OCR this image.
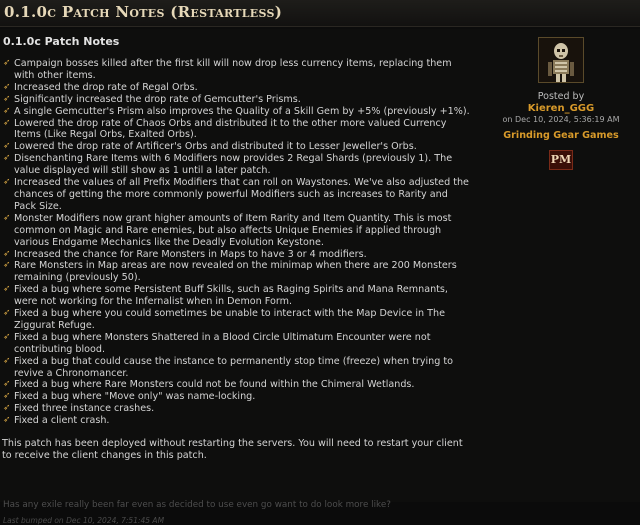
0.1.0c Patch Notes (Restartless)
0.1.0c Patch Notes
➶ Campaign bosses killed after the first kill will now drop less currency items, replacing them with other items.
➶ Increased the drop rate of Regal Orbs.
➶ Significantly increased the drop rate of Gemcutter's Prisms.
➶ A single Gemcutter's Prism also improves the Quality of a Skill Gem by +5% (previously +1%).
➶ Lowered the drop rate of Chaos Orbs and distributed it to the other more valued Currency Items (Like Regal Orbs, Exalted Orbs).
➶ Lowered the drop rate of Artificer's Orbs and distributed it to Lesser Jeweller's Orbs.
➶ Disenchanting Rare Items with 6 Modifiers now provides 2 Regal Shards (previously 1). The value displayed will still show as 1 until a later patch.
➶ Increased the values of all Prefix Modifiers that can roll on Waystones. We've also adjusted the chances of getting the more commonly powerful Modifiers such as increases to Rarity and Pack Size.
➶ Monster Modifiers now grant higher amounts of Item Rarity and Item Quantity. This is most common on Magic and Rare enemies, but also affects Unique Enemies if applied through various Endgame Mechanics like the Deadly Evolution Keystone.
➶ Increased the chance for Rare Monsters in Maps to have 3 or 4 modifiers.
➶ Rare Monsters in Map areas are now revealed on the minimap when there are 200 Monsters remaining (previously 50).
➶ Fixed a bug where some Persistent Buff Skills, such as Raging Spirits and Mana Remnants, were not working for the Infernalist when in Demon Form.
➶ Fixed a bug where you could sometimes be unable to interact with the Map Device in The Ziggurat Refuge.
➶ Fixed a bug where Monsters Shattered in a Blood Circle Ultimatum Encounter were not contributing blood.
➶ Fixed a bug that could cause the instance to permanently stop time (freeze) when trying to revive a Chronomancer.
➶ Fixed a bug where Rare Monsters could not be found within the Chimeral Wetlands.
➶ Fixed a bug where "Move only" was name-locking.
➶ Fixed three instance crashes.
➶ Fixed a client crash.
This patch has been deployed without restarting the servers. You will need to restart your client to receive the client changes in this patch.
Posted by
Kieren_GGG
on Dec 10, 2024, 5:36:19 AM
Grinding Gear Games
PM
Has any exile really been far even as decided to use even go want to do look more like?
Last bumped on Dec 10, 2024, 7:51:45 AM
